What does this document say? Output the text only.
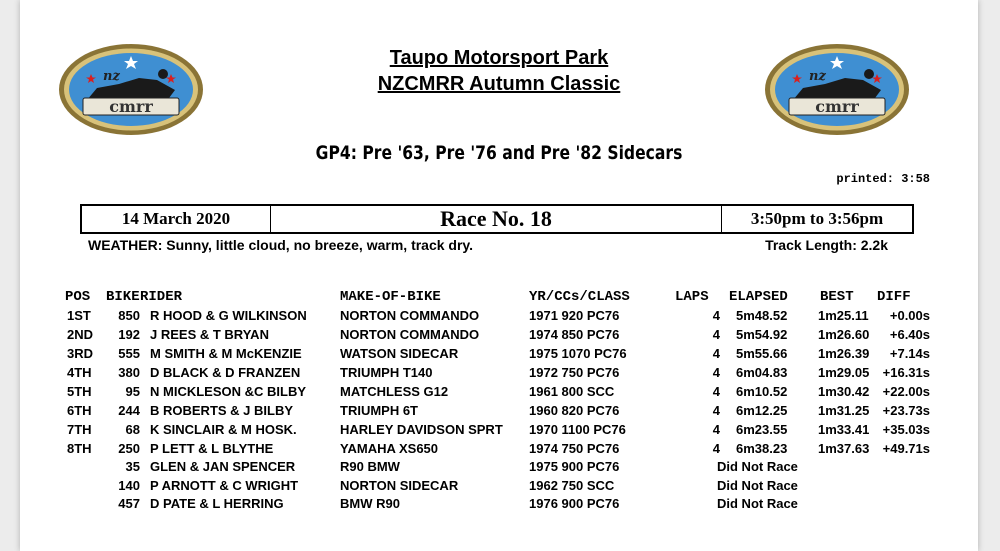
nz
cmrr
nz
cmrr
Taupo Motorsport Park
NZCMRR Autumn Classic
GP4: Pre '63, Pre '76 and Pre '82 Sidecars
printed: 3:58
14 March 2020	Race No. 18	3:50pm to 3:56pm
WEATHER: Sunny, little cloud, no breeze, warm, track dry.	Track Length: 2.2k
POS BIKE RIDER	MAKE-OF-BIKE	YR/CCs/CLASS	LAPS ELAPSED BEST DIFF
1ST	850 R HOOD & G WILKINSON	NORTON COMMANDO	1971 920 PC76	4 5m48.52 1m25.11	+0.00s
2ND	192 J REES & T BRYAN	NORTON COMMANDO	1974 850 PC76	4 5m54.92 1m26.60	+6.40s
3RD	555 M SMITH & M McKENZIE	WATSON SIDECAR	1975 1070 PC76	4 5m55.66 1m26.39	+7.14s
4TH	380 D BLACK & D FRANZEN	TRIUMPH T140	1972 750 PC76	4 6m04.83 1m29.05 +16.31s
5TH	95 N MICKLESON &C BILBY	MATCHLESS G12	1961 800 SCC	4 6m10.52 1m30.42 +22.00s
6TH	244 B ROBERTS & J BILBY	TRIUMPH 6T	1960 820 PC76	4 6m12.25 1m31.25 +23.73s
7TH	68 K SINCLAIR & M HOSK.	HARLEY DAVIDSON SPRT 1970 1100 PC76	4 6m23.55 1m33.41 +35.03s
8TH	250 P LETT & L BLYTHE	YAMAHA XS650	1974 750 PC76	4 6m38.23 1m37.63 +49.71s
35 GLEN & JAN SPENCER	R90 BMW	1975 900 PC76	Did Not Race
140 P ARNOTT & C WRIGHT	NORTON SIDECAR	1962 750 SCC	Did Not Race
457 D PATE & L HERRING	BMW R90	1976 900 PC76	Did Not Race
